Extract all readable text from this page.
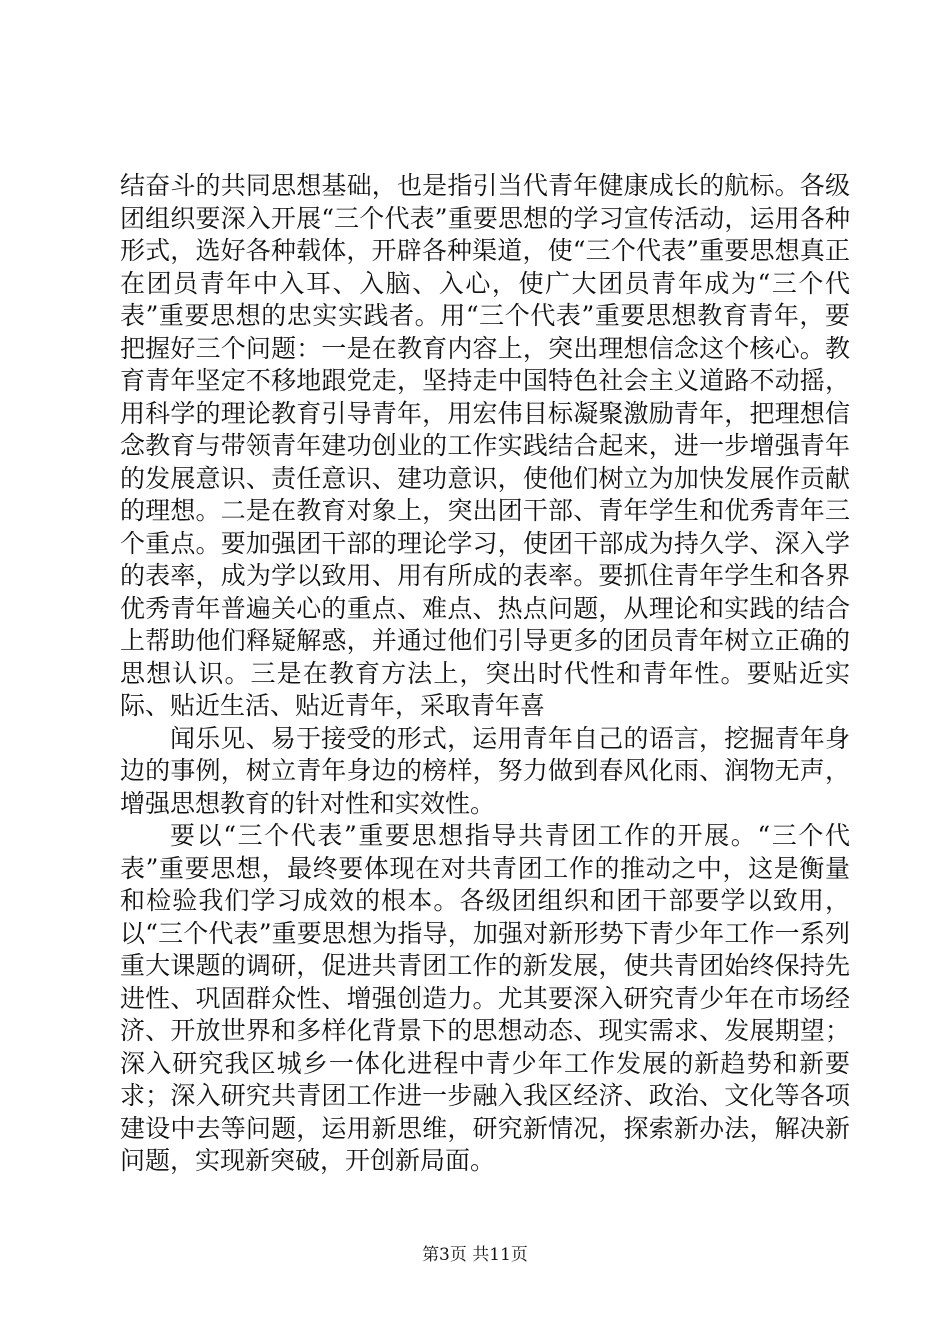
结奋斗的共同思想基础，也是指引当代青年健康成长的航标。各级团组织要深入开展“三个代表”重要思想的学习宣传活动，运用各种形式，选好各种载体，开辟各种渠道，使“三个代表”重要思想真正在团员青年中入耳、入脑、入心，使广大团员青年成为“三个代表”重要思想的忠实实践者。用“三个代表”重要思想教育青年，要把握好三个问题：一是在教育内容上，突出理想信念这个核心。教育青年坚定不移地跟党走，坚持走中国特色社会主义道路不动摇，用科学的理论教育引导青年，用宏伟目标凝聚激励青年，把理想信念教育与带领青年建功创业的工作实践结合起来，进一步增强青年的发展意识、责任意识、建功意识，使他们树立为加快发展作贡献的理想。二是在教育对象上，突出团干部、青年学生和优秀青年三个重点。要加强团干部的理论学习，使团干部成为持久学、深入学的表率，成为学以致用、用有所成的表率。要抓住青年学生和各界优秀青年普遍关心的重点、难点、热点问题，从理论和实践的结合上帮助他们释疑解惑，并通过他们引导更多的团员青年树立正确的思想认识。三是在教育方法上，突出时代性和青年性。要贴近实际、贴近生活、贴近青年，采取青年喜

闻乐见、易于接受的形式，运用青年自己的语言，挖掘青年身边的事例，树立青年身边的榜样，努力做到春风化雨、润物无声，增强思想教育的针对性和实效性。

要以“三个代表”重要思想指导共青团工作的开展。“三个代表”重要思想，最终要体现在对共青团工作的推动之中，这是衡量和检验我们学习成效的根本。各级团组织和团干部要学以致用，以“三个代表”重要思想为指导，加强对新形势下青少年工作一系列重大课题的调研，促进共青团工作的新发展，使共青团始终保持先进性、巩固群众性、增强创造力。尤其要深入研究青少年在市场经济、开放世界和多样化背景下的思想动态、现实需求、发展期望；深入研究我区城乡一体化进程中青少年工作发展的新趋势和新要求；深入研究共青团工作进一步融入我区经济、政治、文化等各项建设中去等问题，运用新思维，研究新情况，探索新办法，解决新问题，实现新突破，开创新局面。

第3页 共11页
